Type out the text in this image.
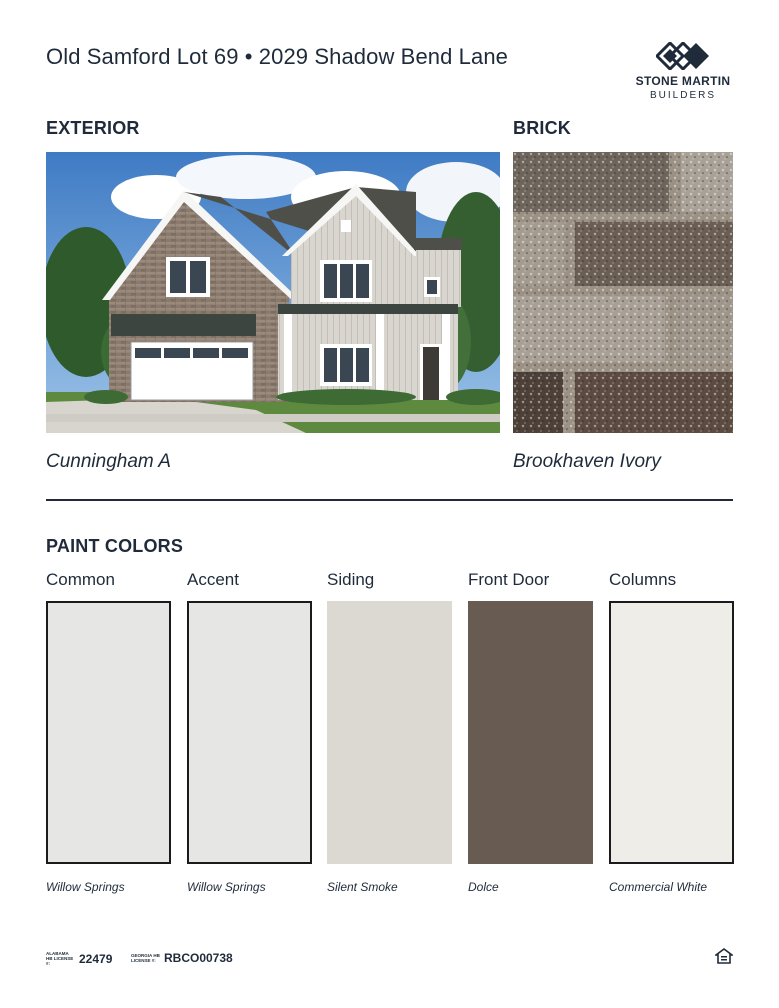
Old Samford Lot 69 • 2029 Shadow Bend Lane
STONE MARTIN
BUILDERS
EXTERIOR	BRICK
Cunningham A	Brookhaven Ivory
PAINT COLORS
Common	Accent	Siding	Front Door	Columns
Willow Springs	Willow Springs	Silent Smoke	Dolce	Commercial White
ALABAMA HB LICENSE #:	22479	GEORGIA HB LICENSE #: RBCO00738
